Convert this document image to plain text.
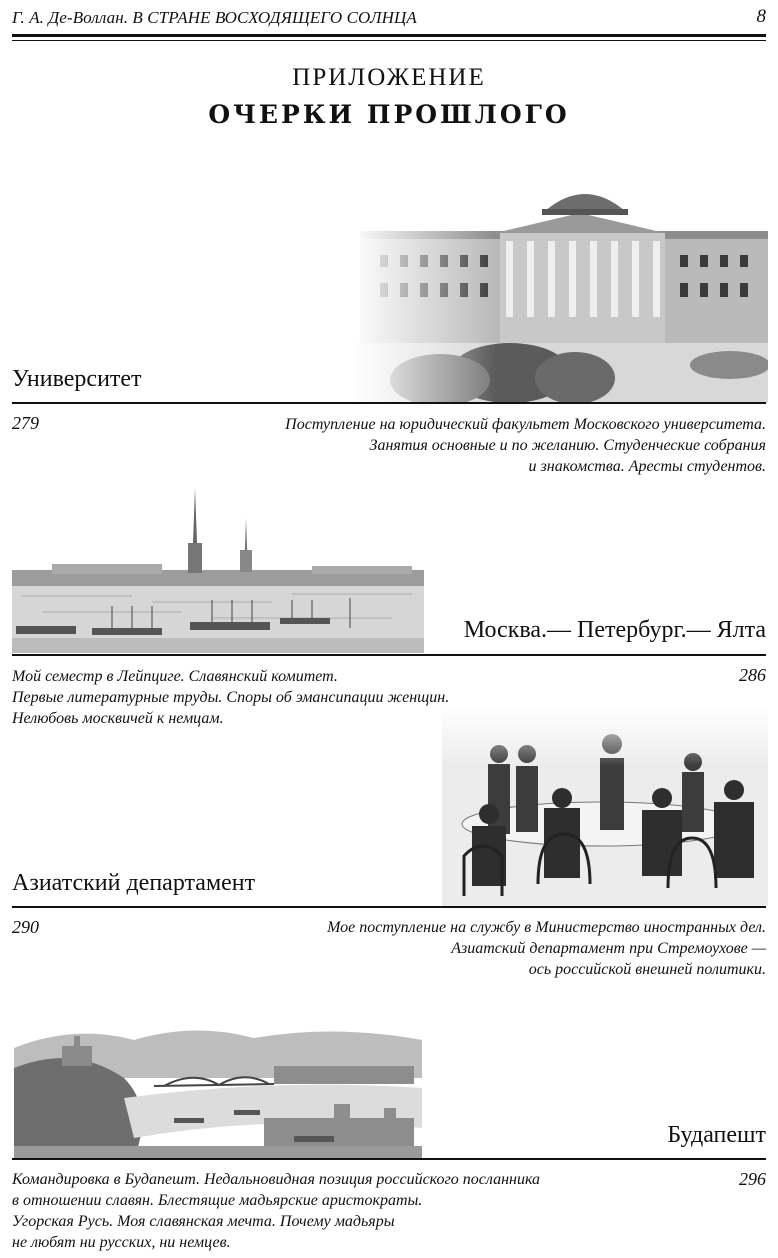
Г. А. Де-Воллан. В СТРАНЕ ВОСХОДЯЩЕГО СОЛНЦА	8
ПРИЛОЖЕНИЕ
ОЧЕРКИ ПРОШЛОГО
Университет
279	Поступление на юридический факультет Московского университета.
Занятия основные и по желанию. Студенческие собрания
и знакомства. Аресты студентов.
Москва.— Петербург.— Ялта
Мой семестр в Лейпциге. Славянский комитет.
Первые литературные труды. Споры об эмансипации женщин.
Нелюбовь москвичей к немцам.
286
Азиатский департамент
290	Мое поступление на службу в Министерство иностранных дел.
Азиатский департамент при Стремоухове —
ось российской внешней политики.
Будапешт
Командировка в Будапешт. Недальновидная позиция российского посланника
в отношении славян. Блестящие мадьярские аристократы.
Угорская Русь. Моя славянская мечта. Почему мадьяры
не любят ни русских, ни немцев.
296
